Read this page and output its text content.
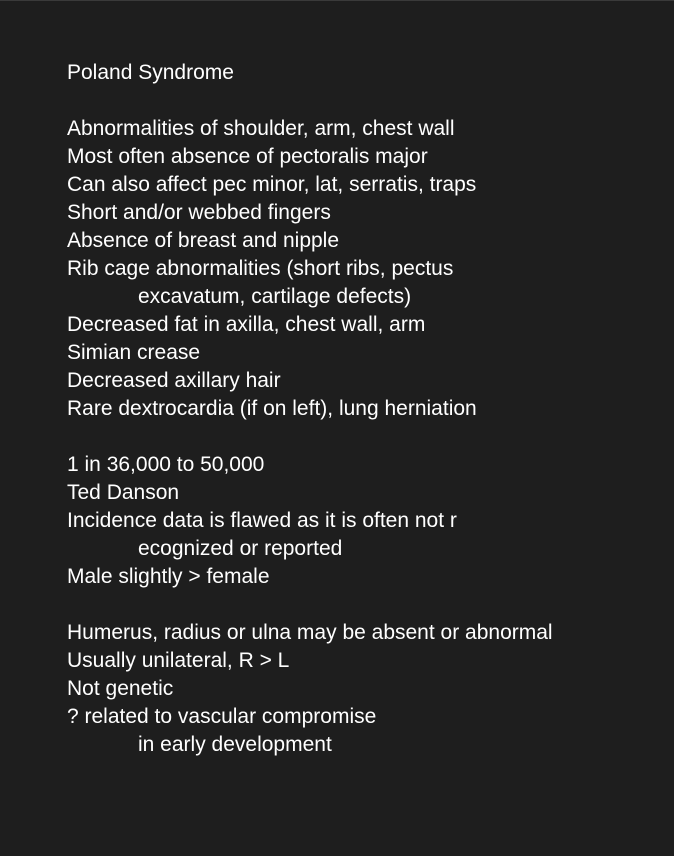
Poland Syndrome
Abnormalities of shoulder, arm, chest wall
Most often absence of pectoralis major
Can also affect pec minor, lat, serratis, traps
Short and/or webbed fingers
Absence of breast and nipple
Rib cage abnormalities (short ribs, pectus
excavatum, cartilage defects)
Decreased fat in axilla, chest wall, arm
Simian crease
Decreased axillary hair
Rare dextrocardia (if on left), lung herniation
1 in 36,000 to 50,000
Ted Danson
Incidence data is flawed as it is often not r
ecognized or reported
Male slightly > female
Humerus, radius or ulna may be absent or abnormal
Usually unilateral, R > L
Not genetic
? related to vascular compromise
in early development
